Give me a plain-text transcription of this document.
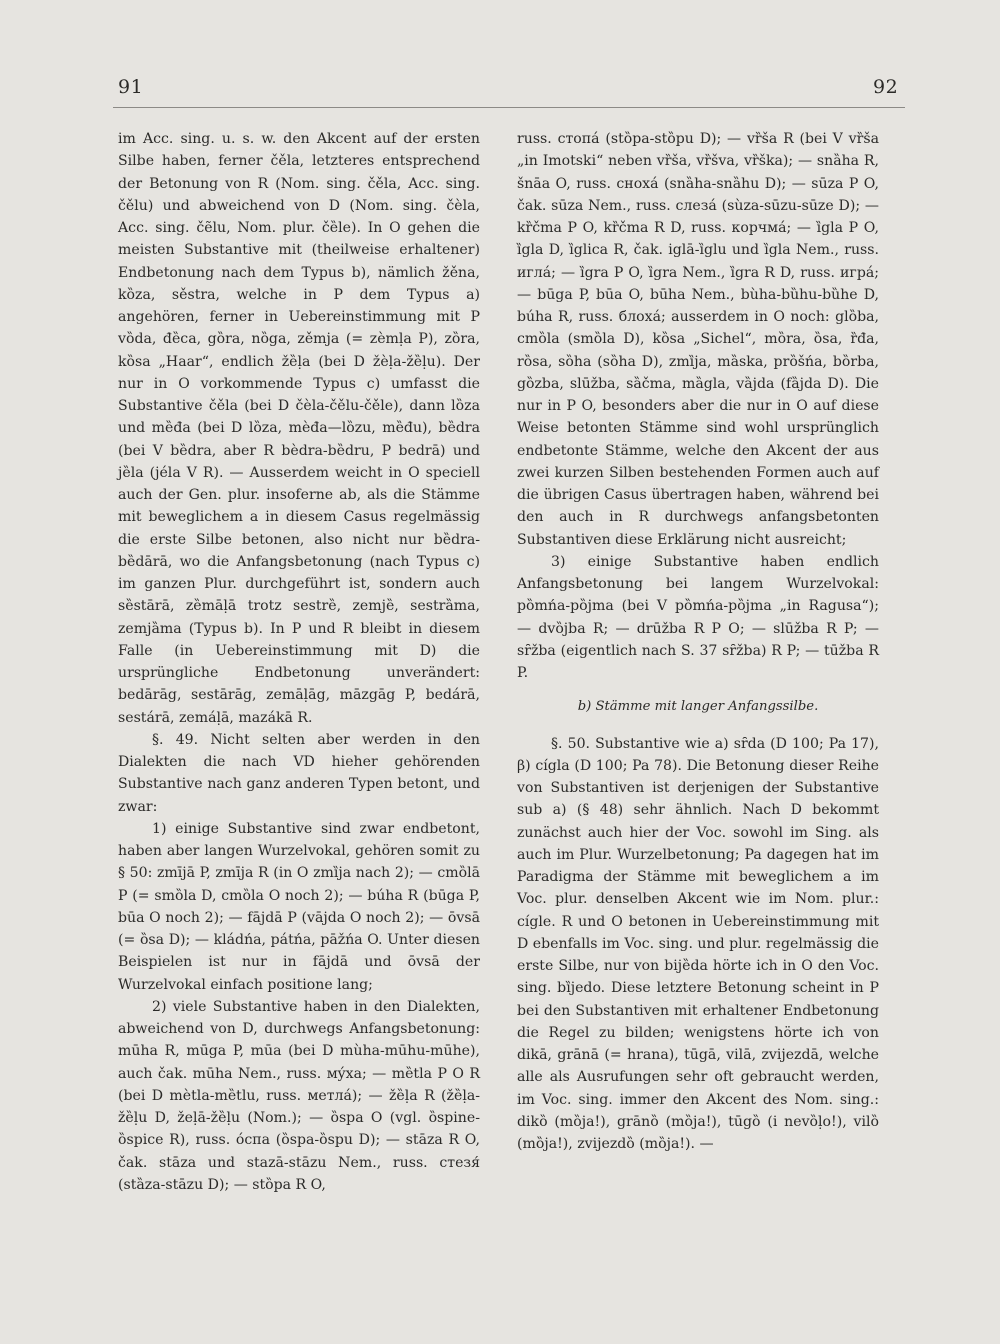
91	92

im Acc. sing. u. s. w. den Akcent auf der ersten Silbe haben, ferner čěla, letzteres entsprechend der Betonung von R (Nom. sing. čěla, Acc. sing. čělu) und abweichend von D (Nom. sing. čèla, Acc. sing. čẽlu, Nom. plur. čȅle). In O gehen die meisten Substantive mit (theilweise erhaltener) Endbetonung nach dem Typus b), nämlich žěna, kȍza, sěstra, welche in P dem Typus a) angehören, ferner in Uebereinstimmung mit P vȍda, đȅca, gȍra, nȍga, zěmja (= zèmḷa P), zȍra, kȍsa „Haar“, endlich žȅḷa (bei D žèḷa-žȅḷu). Der nur in O vorkommende Typus c) umfasst die Substantive čěla (bei D čèla-čělu-čěle), dann lȍza und mȅđa (bei D lȍza, mèđa—lȍzu, mȅđu), bȅdra (bei V bȅdra, aber R bèdra-bȅdru, P bedrā) und jȅla (jéla V R). — Ausserdem weicht in O speciell auch der Gen. plur. insoferne ab, als die Stämme mit beweglichem a in diesem Casus regelmässig die erste Silbe betonen, also nicht nur bȅdra-bȅdārā, wo die Anfangsbetonung (nach Typus c) im ganzen Plur. durchgeführt ist, sondern auch sȅstārā, zȅmāḷā trotz sestrȅ, zemjȅ, sestrȁma, zemjȁma (Typus b). In P und R bleibt in diesem Falle (in Uebereinstimmung mit D) die ursprüngliche Endbetonung unverändert: bedārāg, sestārāg, zemāḷāg, māzgāg P, bedárā, sestárā, zemáḷā, mazákā R.

§. 49. Nicht selten aber werden in den Dialekten die nach VD hieher gehörenden Substantive nach ganz anderen Typen betont, und zwar:

1) einige Substantive sind zwar endbetont, haben aber langen Wurzelvokal, gehören somit zu § 50: zmījā P, zmīja R (in O zmȉja nach 2); — cmȍlā P (= smȍla D, cmȍla O noch 2); — búha R (būga P, būa O noch 2); — fājdā P (vājda O noch 2); — ōvsā (= ȍsa D); — kládńa, pátńa, pāžńa O. Unter diesen Beispielen ist nur in fājdā und ōvsā der Wurzelvokal einfach positione lang;

2) viele Substantive haben in den Dialekten, abweichend von D, durchwegs Anfangsbetonung: mūha R, mūga P, mūa (bei D mùha-mūhu-mūhe), auch čak. mūha Nem., russ. мýха; — mȅtla P O R (bei D mètla-mȅtlu, russ. метлá); — žȅḷa R (žȅḷa-žȅḷu D, žeḷā-žȅḷu (Nom.); — ȍspa O (vgl. ȍspine-ȍspice R), russ. óспа (ȍspa-ȍspu D); — stāza R O, čak. stāza und stazā-stāzu Nem., russ. стезя́ (stȁza-stāzu D); — stȍpa R O,

russ. стопá (stȍpa-stȍpu D); — vȑša R (bei V vȑša „in Imotski“ neben vȑša, vȑšva, vȑška); — snȁha R, šnāa O, russ. снохá (snȁha-snȁhu D); — sūza P O, čak. sūza Nem., russ. слезá (sùza-sūzu-sūze D); — kȑčma P O, kȑčma R D, russ. корчмá; — ȉgla P O, ȉgla D, ȉglica R, čak. iglā-ȉglu und ȉgla Nem., russ. иглá; — ȉgra P O, ȉgra Nem., ȉgra R D, russ. игрá; — būga P, būa O, būha Nem., bùha-bȕhu-bȕhe D, búha R, russ. блохá; ausserdem in O noch: glȍba, cmȍla (smȍla D), kȍsa „Sichel“, mȍra, ȍsa, ȑđa, rȍsa, sȍha (sȍha D), zmȉja, mȁska, prȍšńa, bȍrba, gȍzba, slūžba, sȁčma, mȁgla, vȁjda (fȁjda D). Die nur in P O, besonders aber die nur in O auf diese Weise betonten Stämme sind wohl ursprünglich endbetonte Stämme, welche den Akcent der aus zwei kurzen Silben bestehenden Formen auch auf die übrigen Casus übertragen haben, während bei den auch in R durchwegs anfangsbetonten Substantiven diese Erklärung nicht ausreicht;

3) einige Substantive haben endlich Anfangsbetonung bei langem Wurzelvokal: pȍmńa-pȍjma (bei V pȍmńa-pȍjma „in Ragusa“); — dvȍjba R; — drūžba R P O; — slūžba R P; — sȓžba (eigentlich nach S. 37 sȓžba) R P; — tūžba R P.

b) Stämme mit langer Anfangssilbe.

§. 50. Substantive wie a) sȓda (D 100; Pa 17), β) cígla (D 100; Pa 78). Die Betonung dieser Reihe von Substantiven ist derjenigen der Substantive sub a) (§ 48) sehr ähnlich. Nach D bekommt zunächst auch hier der Voc. sowohl im Sing. als auch im Plur. Wurzelbetonung; Pa dagegen hat im Paradigma der Stämme mit beweglichem a im Voc. plur. denselben Akcent wie im Nom. plur.: cígle. R und O betonen in Uebereinstimmung mit D ebenfalls im Voc. sing. und plur. regelmässig die erste Silbe, nur von bijȅda hörte ich in O den Voc. sing. bȉjedo. Diese letztere Betonung scheint in P bei den Substantiven mit erhaltener Endbetonung die Regel zu bilden; wenigstens hörte ich von dikā, grānā (= hrana), tūgā, vilā, zvijezdā, welche alle als Ausrufungen sehr oft gebraucht werden, im Voc. sing. immer den Akcent des Nom. sing.: dikȍ (mȍja!), grānȍ (mȍja!), tūgȍ (i nevȍḷo!), vilȍ (mȍja!), zvijezdȍ (mȍja!). —
